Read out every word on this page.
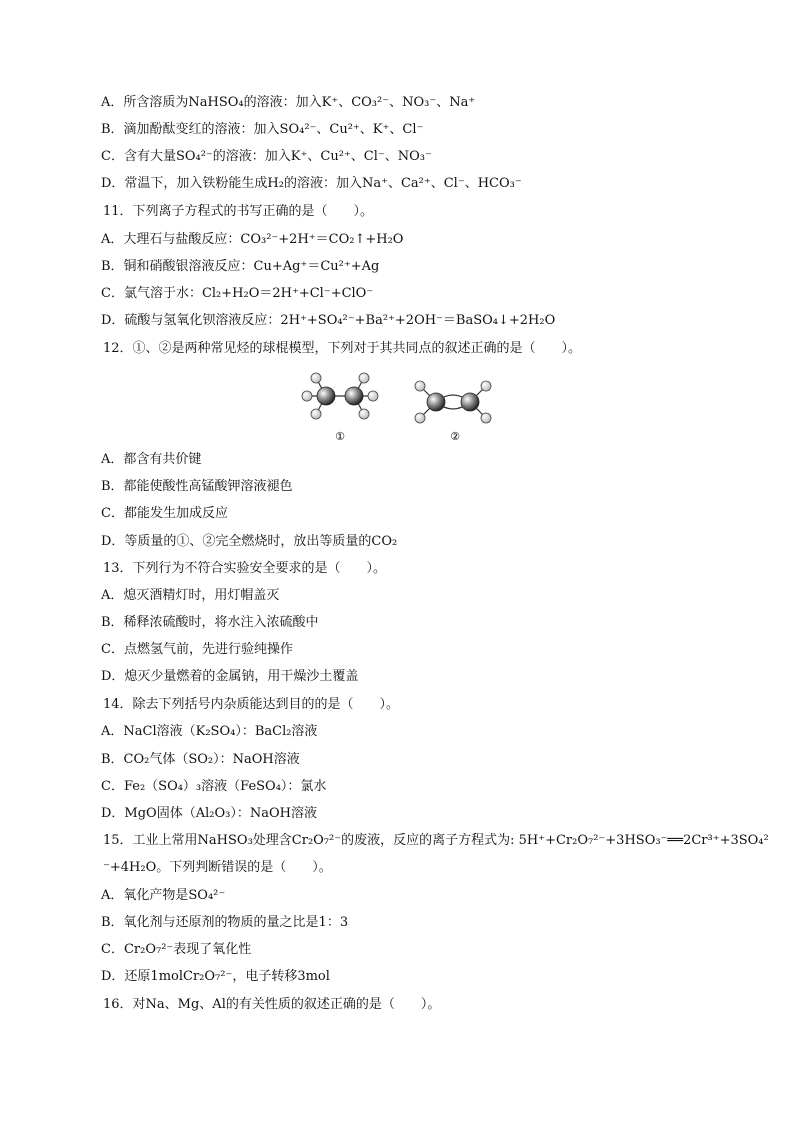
A．所含溶质为NaHSO₄的溶液：加入K⁺、CO₃²⁻、NO₃⁻、Na⁺
B．滴加酚酞变红的溶液：加入SO₄²⁻、Cu²⁺、K⁺、Cl⁻
C．含有大量SO₄²⁻的溶液：加入K⁺、Cu²⁺、Cl⁻、NO₃⁻
D．常温下，加入铁粉能生成H₂的溶液：加入Na⁺、Ca²⁺、Cl⁻、HCO₃⁻
11．下列离子方程式的书写正确的是（　　）。
A．大理石与盐酸反应：CO₃²⁻+2H⁺＝CO₂↑+H₂O
B．铜和硝酸银溶液反应：Cu+Ag⁺＝Cu²⁺+Ag
C．氯气溶于水：Cl₂+H₂O＝2H⁺+Cl⁻+ClO⁻
D．硫酸与氢氧化钡溶液反应：2H⁺+SO₄²⁻+Ba²⁺+2OH⁻＝BaSO₄↓+2H₂O
12．①、②是两种常见烃的球棍模型，下列对于其共同点的叙述正确的是（　　）。
①	②
A．都含有共价键
B．都能使酸性高锰酸钾溶液褪色
C．都能发生加成反应
D．等质量的①、②完全燃烧时，放出等质量的CO₂
13．下列行为不符合实验安全要求的是（　　）。
A．熄灭酒精灯时，用灯帽盖灭
B．稀释浓硫酸时，将水注入浓硫酸中
C．点燃氢气前，先进行验纯操作
D．熄灭少量燃着的金属钠，用干燥沙土覆盖
14．除去下列括号内杂质能达到目的的是（　　）。
A．NaCl溶液（K₂SO₄）：BaCl₂溶液
B．CO₂气体（SO₂）：NaOH溶液
C．Fe₂（SO₄）₃溶液（FeSO₄）：氯水
D．MgO固体（Al₂O₃）：NaOH溶液
15．工业上常用NaHSO₃处理含Cr₂O₇²⁻的废液，反应的离子方程式为: 5H⁺+Cr₂O₇²⁻+3HSO₃⁻══2Cr³⁺+3SO₄²
⁻+4H₂O。下列判断错误的是（　　）。
A．氧化产物是SO₄²⁻
B．氧化剂与还原剂的物质的量之比是1：3
C．Cr₂O₇²⁻表现了氧化性
D．还原1molCr₂O₇²⁻，电子转移3mol
16．对Na、Mg、Al的有关性质的叙述正确的是（　　）。
